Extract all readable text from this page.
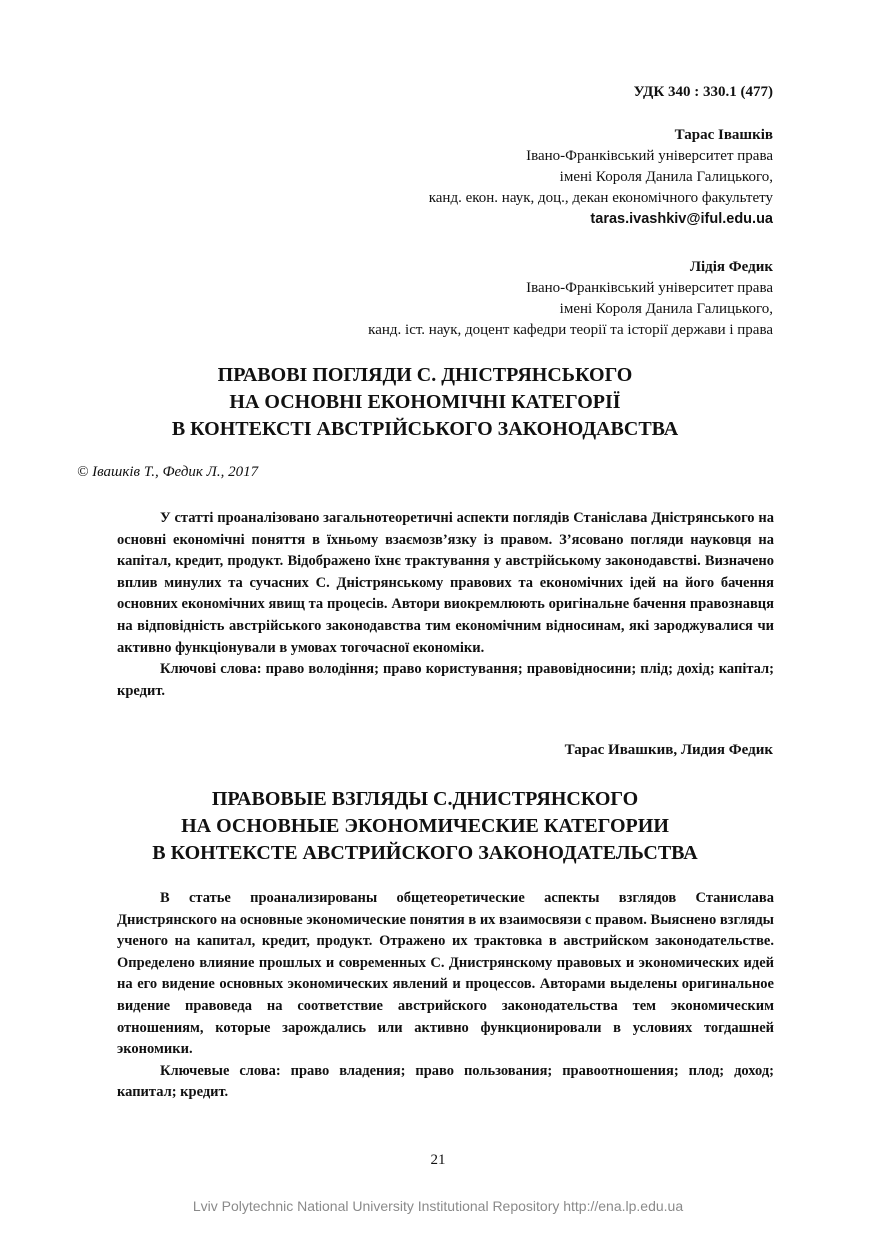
УДК 340 : 330.1 (477)
Тарас Івашків
Івано-Франківський університет права
імені Короля Данила Галицького,
канд. екон. наук, доц., декан економічного факультету
taras.ivashkiv@iful.edu.ua
Лідія Федик
Івано-Франківський університет права
імені Короля Данила Галицького,
канд. іст. наук, доцент кафедри теорії та історії держави і права
ПРАВОВІ ПОГЛЯДИ С. ДНІСТРЯНСЬКОГО
НА ОСНОВНІ ЕКОНОМІЧНІ КАТЕГОРІЇ
В КОНТЕКСТІ АВСТРІЙСЬКОГО ЗАКОНОДАВСТВА
© Івашків Т., Федик Л., 2017

У статті проаналізовано загальнотеоретичні аспекти поглядів Станіслава Дністрянського на основні економічні поняття в їхньому взаємозв’язку із правом. З’ясовано погляди науковця на капітал, кредит, продукт. Відображено їхнє трактування у австрійському законодавстві. Визначено вплив минулих та сучасних С. Дністрянському правових та економічних ідей на його бачення основних економічних явищ та процесів. Автори виокремлюють оригінальне бачення правознавця на відповідність австрійського законодавства тим економічним відносинам, які зароджувалися чи активно функціонували в умовах тогочасної економіки.

Ключові слова: право володіння; право користування; правовідносини; плід; дохід; капітал; кредит.

Тарас Ивашкив, Лидия Федик
ПРАВОВЫЕ ВЗГЛЯДЫ С.ДНИСТРЯНСКОГО
НА ОСНОВНЫЕ ЭКОНОМИЧЕСКИЕ КАТЕГОРИИ
В КОНТЕКСТЕ АВСТРИЙСКОГО ЗАКОНОДАТЕЛЬСТВА

В статье проанализированы общетеоретические аспекты взглядов Станислава Днистрянского на основные экономические понятия в их взаимосвязи с правом. Выяснено взгляды ученого на капитал, кредит, продукт. Отражено их трактовка в австрийском законодательстве. Определено влияние прошлых и современных С. Днистрянскому правовых и экономических идей на его видение основных экономических явлений и процессов. Авторами выделены оригинальное видение правоведа на соответствие австрийского законодательства тем экономическим отношениям, которые зарождались или активно функционировали в условиях тогдашней экономики.

Ключевые слова: право владения; право пользования; правоотношения; плод; доход; капитал; кредит.

21
Lviv Polytechnic National University Institutional Repository http://ena.lp.edu.ua
